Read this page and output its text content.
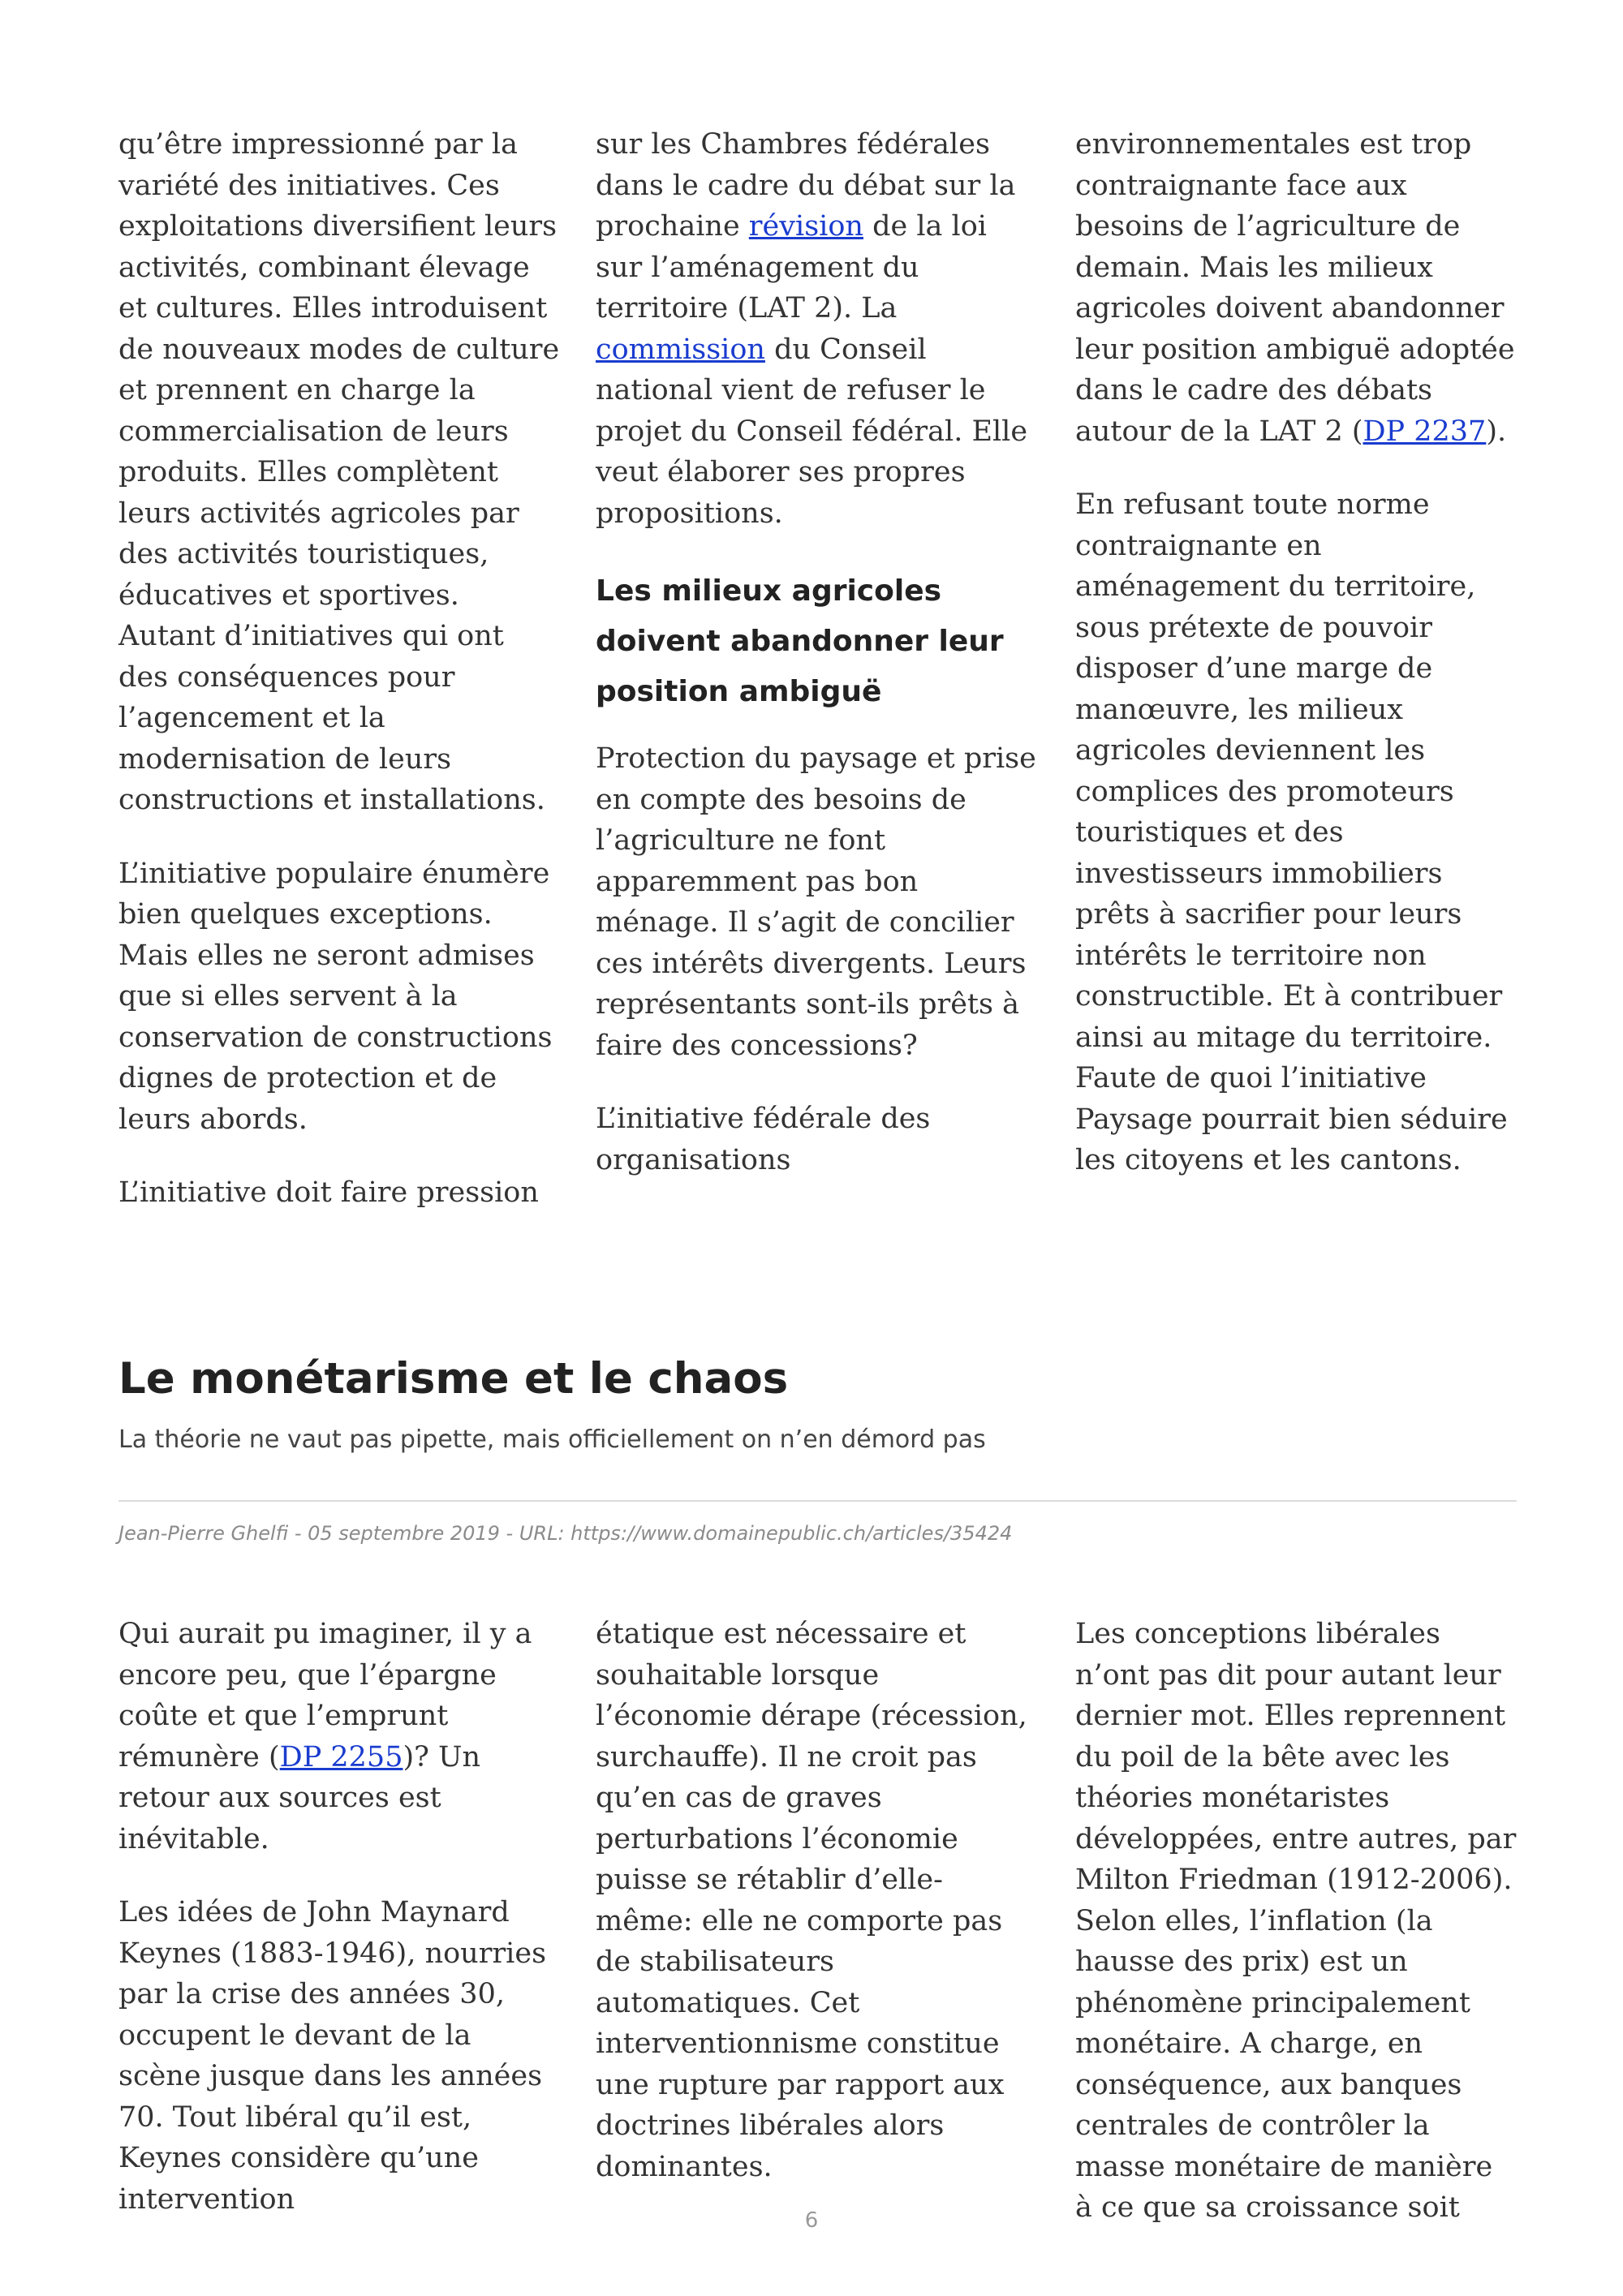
qu’être impressionné par la variété des initiatives. Ces exploitations diversifient leurs activités, combinant élevage et cultures. Elles introduisent de nouveaux modes de culture et prennent en charge la commercialisation de leurs produits. Elles complètent leurs activités agricoles par des activités touristiques, éducatives et sportives. Autant d’initiatives qui ont des conséquences pour l’agencement et la modernisation de leurs constructions et installations.

L’initiative populaire énumère bien quelques exceptions. Mais elles ne seront admises que si elles servent à la conservation de constructions dignes de protection et de leurs abords.

L’initiative doit faire pression

sur les Chambres fédérales dans le cadre du débat sur la prochaine révision de la loi sur l’aménagement du territoire (LAT 2). La commission du Conseil national vient de refuser le projet du Conseil fédéral. Elle veut élaborer ses propres propositions.

Les milieux agricoles doivent abandonner leur position ambiguë

Protection du paysage et prise en compte des besoins de l’agriculture ne font apparemment pas bon ménage. Il s’agit de concilier ces intérêts divergents. Leurs représentants sont-ils prêts à faire des concessions?

L’initiative fédérale des organisations

environnementales est trop contraignante face aux besoins de l’agriculture de demain. Mais les milieux agricoles doivent abandonner leur position ambiguë adoptée dans le cadre des débats autour de la LAT 2 (DP 2237).

En refusant toute norme contraignante en aménagement du territoire, sous prétexte de pouvoir disposer d’une marge de manœuvre, les milieux agricoles deviennent les complices des promoteurs touristiques et des investisseurs immobiliers prêts à sacrifier pour leurs intérêts le territoire non constructible. Et à contribuer ainsi au mitage du territoire. Faute de quoi l’initiative Paysage pourrait bien séduire les citoyens et les cantons.

Le monétarisme et le chaos
La théorie ne vaut pas pipette, mais officiellement on n’en démord pas
Jean-Pierre Ghelfi - 05 septembre 2019 - URL: https://www.domainepublic.ch/articles/35424

Qui aurait pu imaginer, il y a encore peu, que l’épargne coûte et que l’emprunt rémunère (DP 2255)? Un retour aux sources est inévitable.

Les idées de John Maynard Keynes (1883-1946), nourries par la crise des années 30, occupent le devant de la scène jusque dans les années 70. Tout libéral qu’il est, Keynes considère qu’une intervention

étatique est nécessaire et souhaitable lorsque l’économie dérape (récession, surchauffe). Il ne croit pas qu’en cas de graves perturbations l’économie puisse se rétablir d’elle-même: elle ne comporte pas de stabilisateurs automatiques. Cet interventionnisme constitue une rupture par rapport aux doctrines libérales alors dominantes.

Les conceptions libérales n’ont pas dit pour autant leur dernier mot. Elles reprennent du poil de la bête avec les théories monétaristes développées, entre autres, par Milton Friedman (1912-2006). Selon elles, l’inflation (la hausse des prix) est un phénomène principalement monétaire. A charge, en conséquence, aux banques centrales de contrôler la masse monétaire de manière à ce que sa croissance soit

6
